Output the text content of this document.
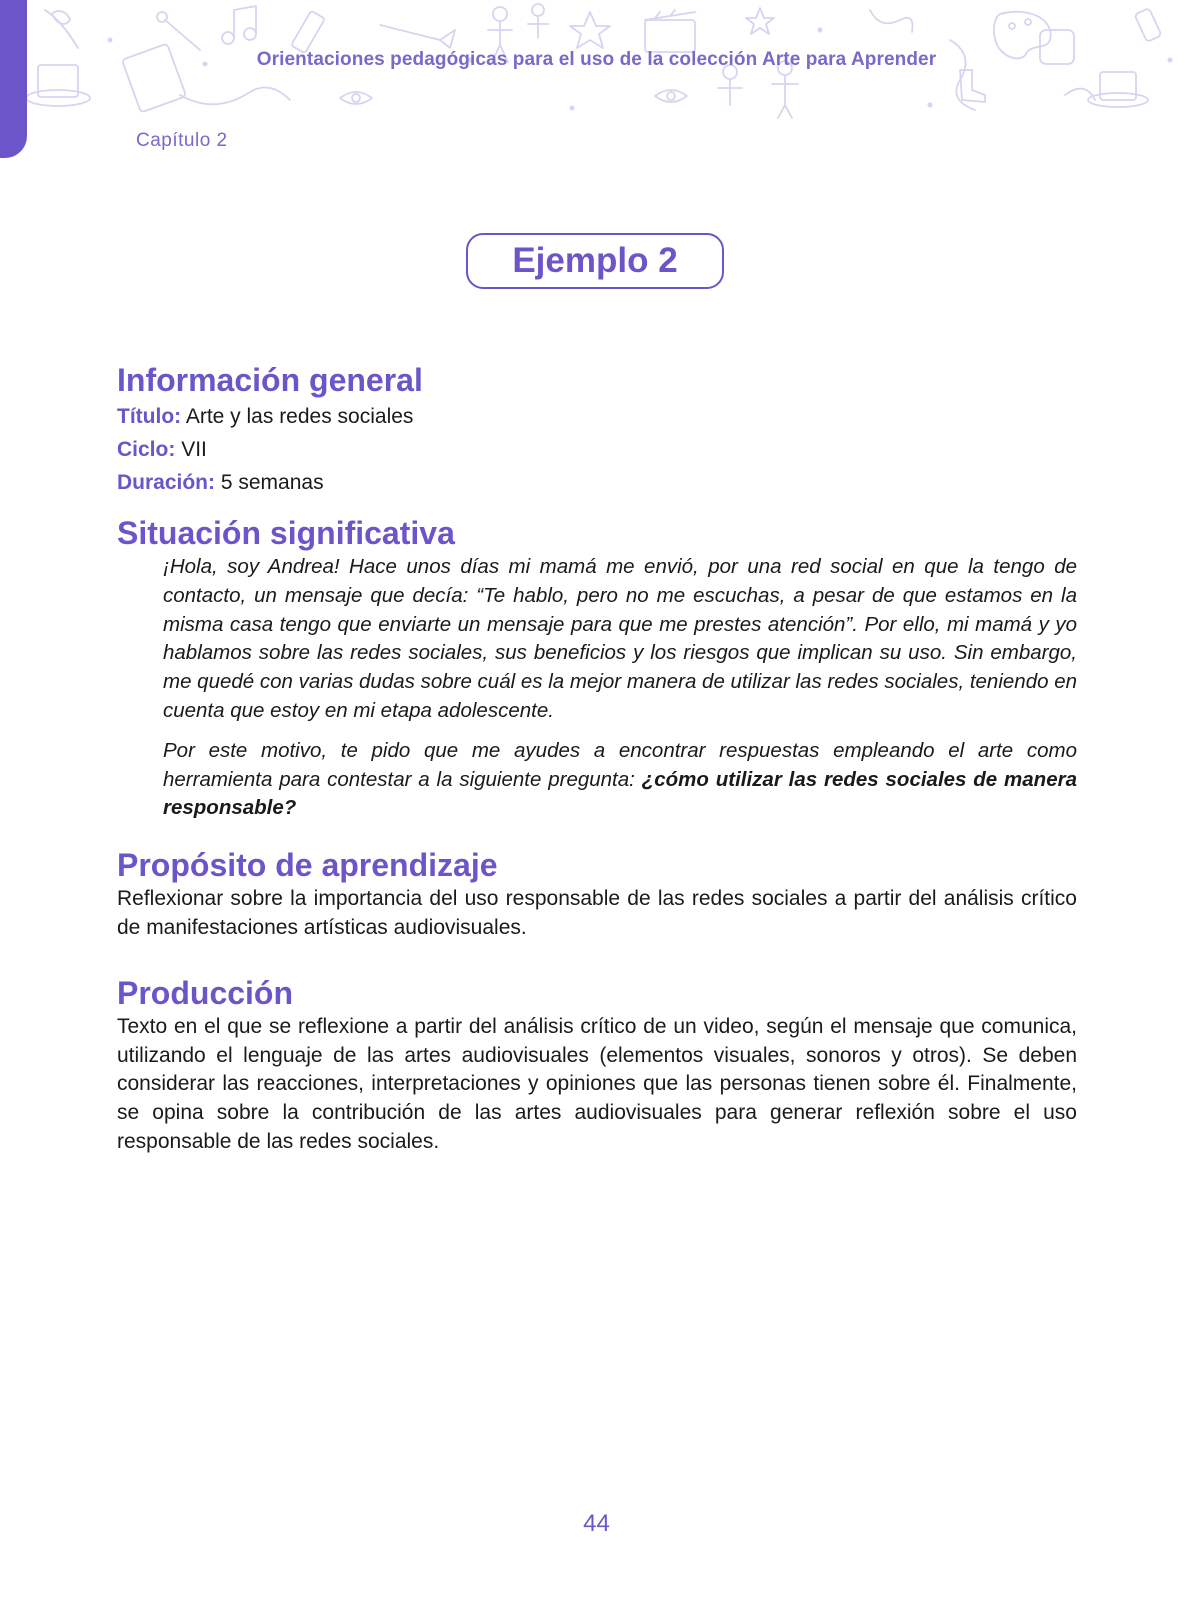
Orientaciones pedagógicas para el uso de la colección Arte para Aprender
Capítulo 2
Ejemplo 2
Información general
Título: Arte y las redes sociales
Ciclo: VII
Duración: 5 semanas
Situación significativa

¡Hola, soy Andrea! Hace unos días mi mamá me envió, por una red social en que la tengo de contacto, un mensaje que decía: “Te hablo, pero no me escuchas, a pesar de que estamos en la misma casa tengo que enviarte un mensaje para que me prestes atención”. Por ello, mi mamá y yo hablamos sobre las redes sociales, sus beneficios y los riesgos que implican su uso. Sin embargo, me quedé con varias dudas sobre cuál es la mejor manera de utilizar las redes sociales, teniendo en cuenta que estoy en mi etapa adolescente.

Por este motivo, te pido que me ayudes a encontrar respuestas empleando el arte como herramienta para contestar a la siguiente pregunta: ¿cómo utilizar las redes sociales de manera responsable?

Propósito de aprendizaje

Reflexionar sobre la importancia del uso responsable de las redes sociales a partir del análisis crítico de manifestaciones artísticas audiovisuales.

Producción

Texto en el que se reflexione a partir del análisis crítico de un video, según el mensaje que comunica, utilizando el lenguaje de las artes audiovisuales (elementos visuales, sonoros y otros). Se deben considerar las reacciones, interpretaciones y opiniones que las personas tienen sobre él. Finalmente, se opina sobre la contribución de las artes audiovisuales para generar reflexión sobre el uso responsable de las redes sociales.

44
